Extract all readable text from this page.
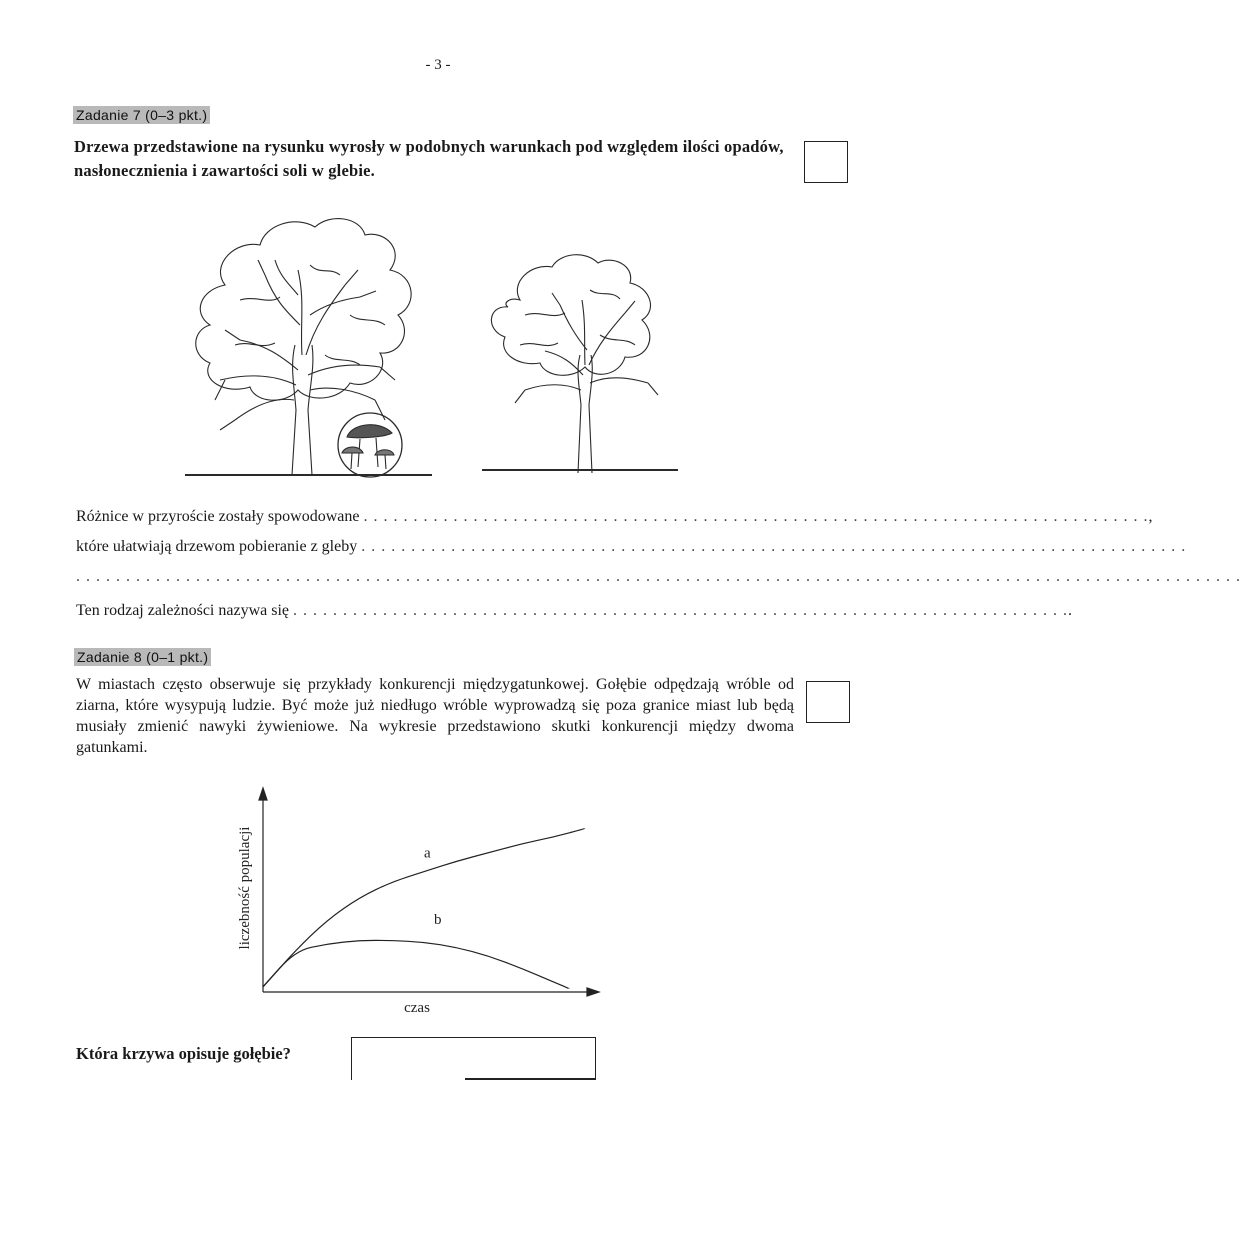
- 3 -
Zadanie 7 (0–3 pkt.)
Drzewa przedstawione na rysunku wyrosły w podobnych warunkach pod względem ilości opadów, nasłonecznienia i zawartości soli w glebie.
Różnice w przyroście zostały spowodowane . . . . . . . . . . . . . . . . . . . . . . . . . . . . . . . . . . . . . . . . . . . . . . . . . . . . . . . . . . . . . . . . . . . . . . . . . . . . . . .,
które ułatwiają drzewom pobieranie z gleby . . . . . . . . . . . . . . . . . . . . . . . . . . . . . . . . . . . . . . . . . . . . . . . . . . . . . . . . . . . . . . . . . . . . . . . . . . . . . . . . . . .
. . . . . . . . . . . . . . . . . . . . . . . . . . . . . . . . . . . . . . . . . . . . . . . . . . . . . . . . . . . . . . . . . . . . . . . . . . . . . . . . . . . . . . . . . . . . . . . . . . . . . . . . . . . . . . . . . . . . .
Ten rodzaj zależności nazywa się . . . . . . . . . . . . . . . . . . . . . . . . . . . . . . . . . . . . . . . . . . . . . . . . . . . . . . . . . . . . . . . . . . . . . . . . . . . . . ..
Zadanie 8 (0–1 pkt.)
W miastach często obserwuje się przykłady konkurencji międzygatunkowej. Gołębie odpędzają wróble od ziarna, które wysypują ludzie. Być może już niedługo wróble wyprowadzą się poza granice miast lub będą musiały zmienić nawyki żywieniowe. Na wykresie przedstawiono skutki konkurencji między dwoma gatunkami.
liczebność populacji
czas
a
b
Która krzywa opisuje gołębie?
